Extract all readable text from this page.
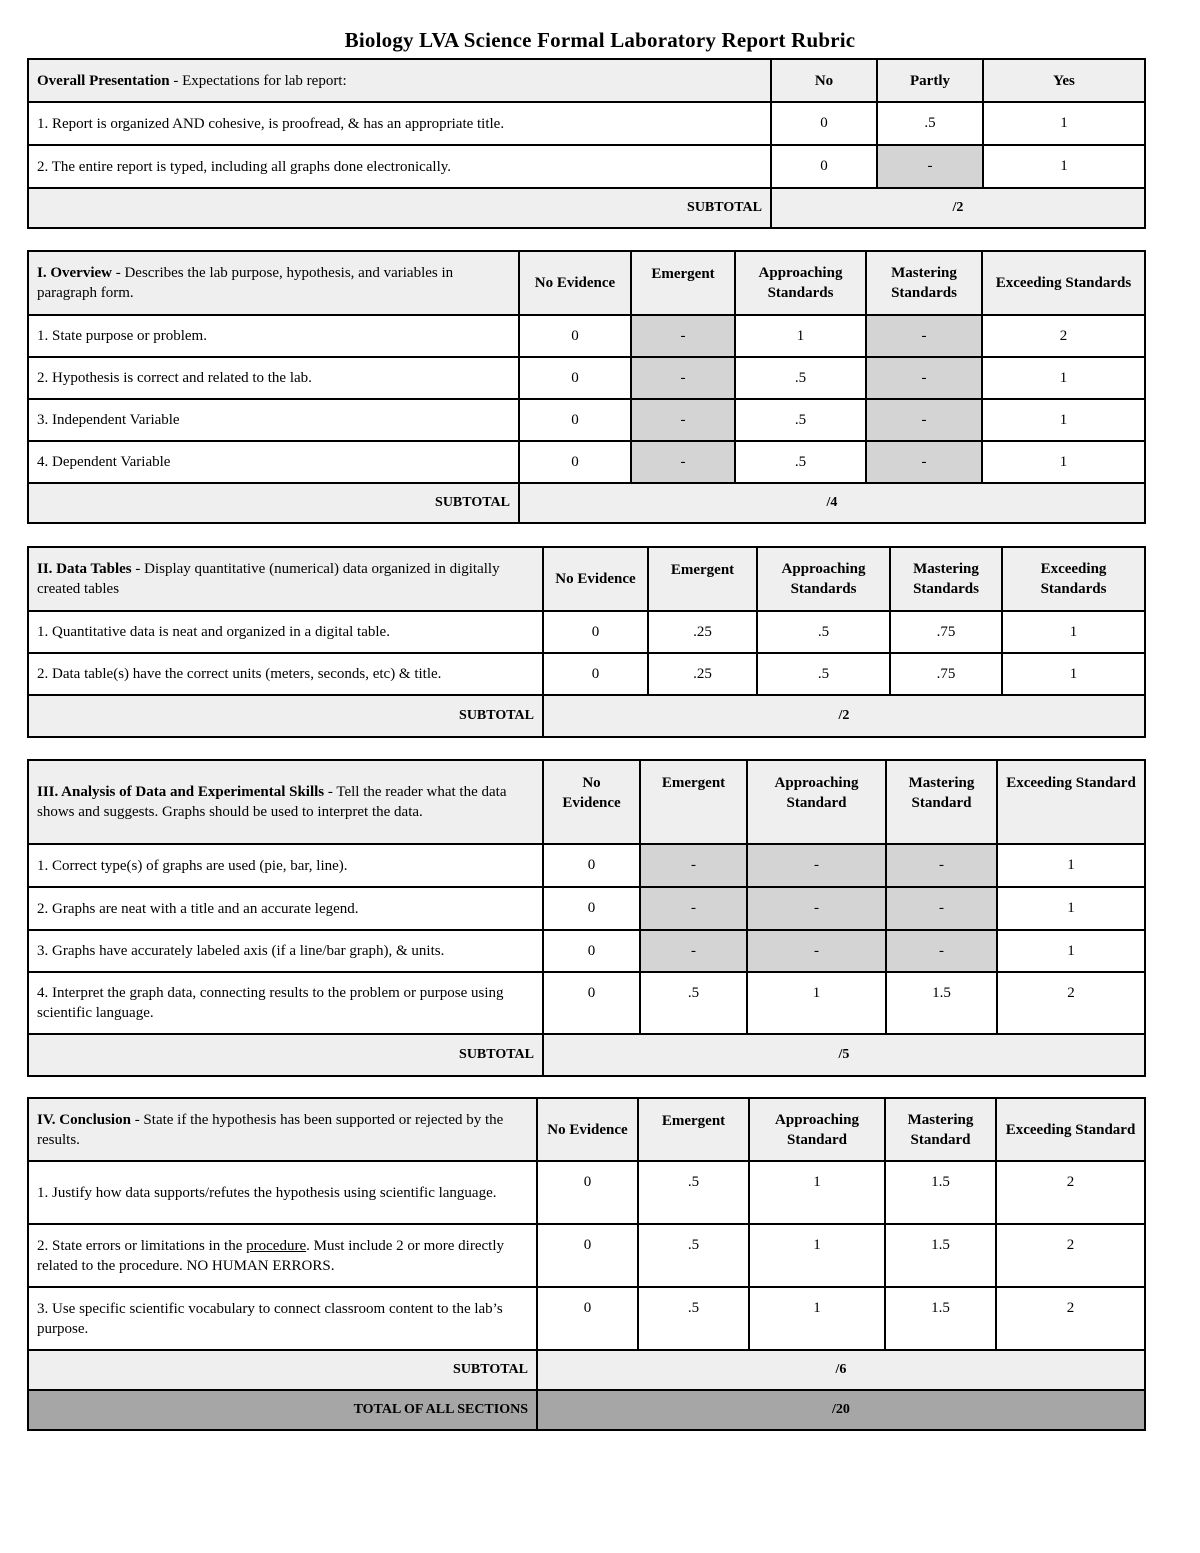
Biology LVA Science Formal Laboratory Report Rubric
Overall Presentation - Expectations for lab report:	No	Partly	Yes
1. Report is organized AND cohesive, is proofread, & has an appropriate title.	0	.5	1
2. The entire report is typed, including all graphs done electronically.	0	-	1
SUBTOTAL	/2		
I. Overview - Describes the lab purpose, hypothesis, and variables in paragraph form.	No Evidence	Emergent	Approaching Standards	Mastering Standards	Exceeding Standards
1. State purpose or problem.	0	-	1	-	2
2. Hypothesis is correct and related to the lab.	0	-	.5	-	1
3. Independent Variable	0	-	.5	-	1
4. Dependent Variable	0	-	.5	-	1
SUBTOTAL	/4				
II. Data Tables - Display quantitative (numerical) data organized in digitally created tables	No Evidence	Emergent	Approaching Standards	Mastering Standards	Exceeding Standards
1. Quantitative data is neat and organized in a digital table.	0	.25	.5	.75	1
2. Data table(s) have the correct units (meters, seconds, etc) & title.	0	.25	.5	.75	1
SUBTOTAL	/2				
III. Analysis of Data and Experimental Skills - Tell the reader what the data shows and suggests. Graphs should be used to interpret the data.	No Evidence	Emergent	Approaching Standard	Mastering Standard	Exceeding Standard
1. Correct type(s) of graphs are used (pie, bar, line).	0	-	-	-	1
2. Graphs are neat with a title and an accurate legend.	0	-	-	-	1
3. Graphs have accurately labeled axis (if a line/bar graph), & units.	0	-	-	-	1
4. Interpret the graph data, connecting results to the problem or purpose using scientific language.	0	.5	1	1.5	2
SUBTOTAL	/5				
IV. Conclusion - State if the hypothesis has been supported or rejected by the results.	No Evidence	Emergent	Approaching Standard	Mastering Standard	Exceeding Standard
1. Justify how data supports/refutes the hypothesis using scientific language.	0	.5	1	1.5	2
2. State errors or limitations in the procedure. Must include 2 or more directly related to the procedure. NO HUMAN ERRORS.	0	.5	1	1.5	2
3. Use specific scientific vocabulary to connect classroom content to the lab’s purpose.	0	.5	1	1.5	2
SUBTOTAL	/6				
TOTAL OF ALL SECTIONS	/20				
